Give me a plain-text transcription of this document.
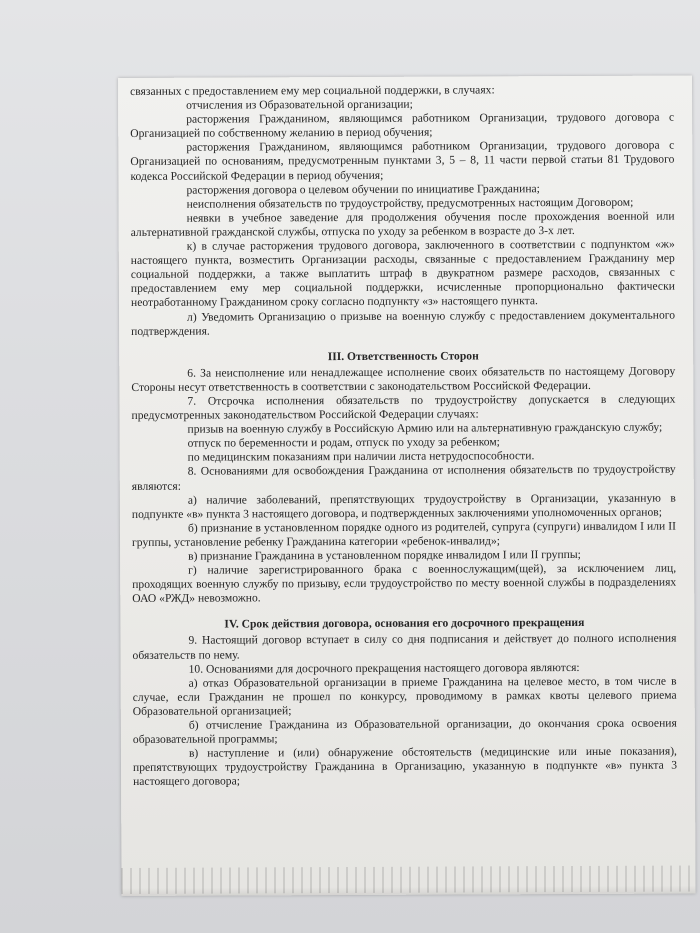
связанных с предоставлением ему мер социальной поддержки, в случаях:

отчисления из Образовательной организации;

расторжения Гражданином, являющимся работником Организации, трудового договора с Организацией по собственному желанию в период обучения;

расторжения Гражданином, являющимся работником Организации, трудового договора с Организацией по основаниям, предусмотренным пунктами 3, 5 – 8, 11 части первой статьи 81 Трудового кодекса Российской Федерации в период обучения;

расторжения договора о целевом обучении по инициативе Гражданина;

неисполнения обязательств по трудоустройству, предусмотренных настоящим Договором;

неявки в учебное заведение для продолжения обучения после прохождения военной или альтернативной гражданской службы, отпуска по уходу за ребенком в возрасте до 3-х лет.

к) в случае расторжения трудового договора, заключенного в соответствии с подпунктом «ж» настоящего пункта, возместить Организации расходы, связанные с предоставлением Гражданину мер социальной поддержки, а также выплатить штраф в двукратном размере расходов, связанных с предоставлением ему мер социальной поддержки, исчисленные пропорционально фактически неотработанному Гражданином сроку согласно подпункту «з» настоящего пункта.

л) Уведомить Организацию о призыве на военную службу с предоставлением документального подтверждения.

III. Ответственность Сторон

6. За неисполнение или ненадлежащее исполнение своих обязательств по настоящему Договору Стороны несут ответственность в соответствии с законодательством Российской Федерации.

7. Отсрочка исполнения обязательств по трудоустройству допускается в следующих предусмотренных законодательством Российской Федерации случаях:

призыв на военную службу в Российскую Армию или на альтернативную гражданскую службу;

отпуск по беременности и родам, отпуск по уходу за ребенком;

по медицинским показаниям при наличии листа нетрудоспособности.

8. Основаниями для освобождения Гражданина от исполнения обязательств по трудоустройству являются:

а) наличие заболеваний, препятствующих трудоустройству в Организации, указанную в подпункте «в» пункта 3 настоящего договора, и подтвержденных заключениями уполномоченных органов;

б) признание в установленном порядке одного из родителей, супруга (супруги) инвалидом I или II группы, установление ребенку Гражданина категории «ребенок-инвалид»;

в) признание Гражданина в установленном порядке инвалидом I или II группы;

г) наличие зарегистрированного брака с военнослужащим(щей), за исключением лиц, проходящих военную службу по призыву, если трудоустройство по месту военной службы в подразделениях ОАО «РЖД» невозможно.

IV. Срок действия договора, основания его досрочного прекращения

9. Настоящий договор вступает в силу со дня подписания и действует до полного исполнения обязательств по нему.

10. Основаниями для досрочного прекращения настоящего договора являются:

а) отказ Образовательной организации в приеме Гражданина на целевое место, в том числе в случае, если Гражданин не прошел по конкурсу, проводимому в рамках квоты целевого приема Образовательной организацией;

б) отчисление Гражданина из Образовательной организации, до окончания срока освоения образовательной программы;

в) наступление и (или) обнаружение обстоятельств (медицинские или иные показания), препятствующих трудоустройству Гражданина в Организацию, указанную в подпункте «в» пункта 3 настоящего договора;
